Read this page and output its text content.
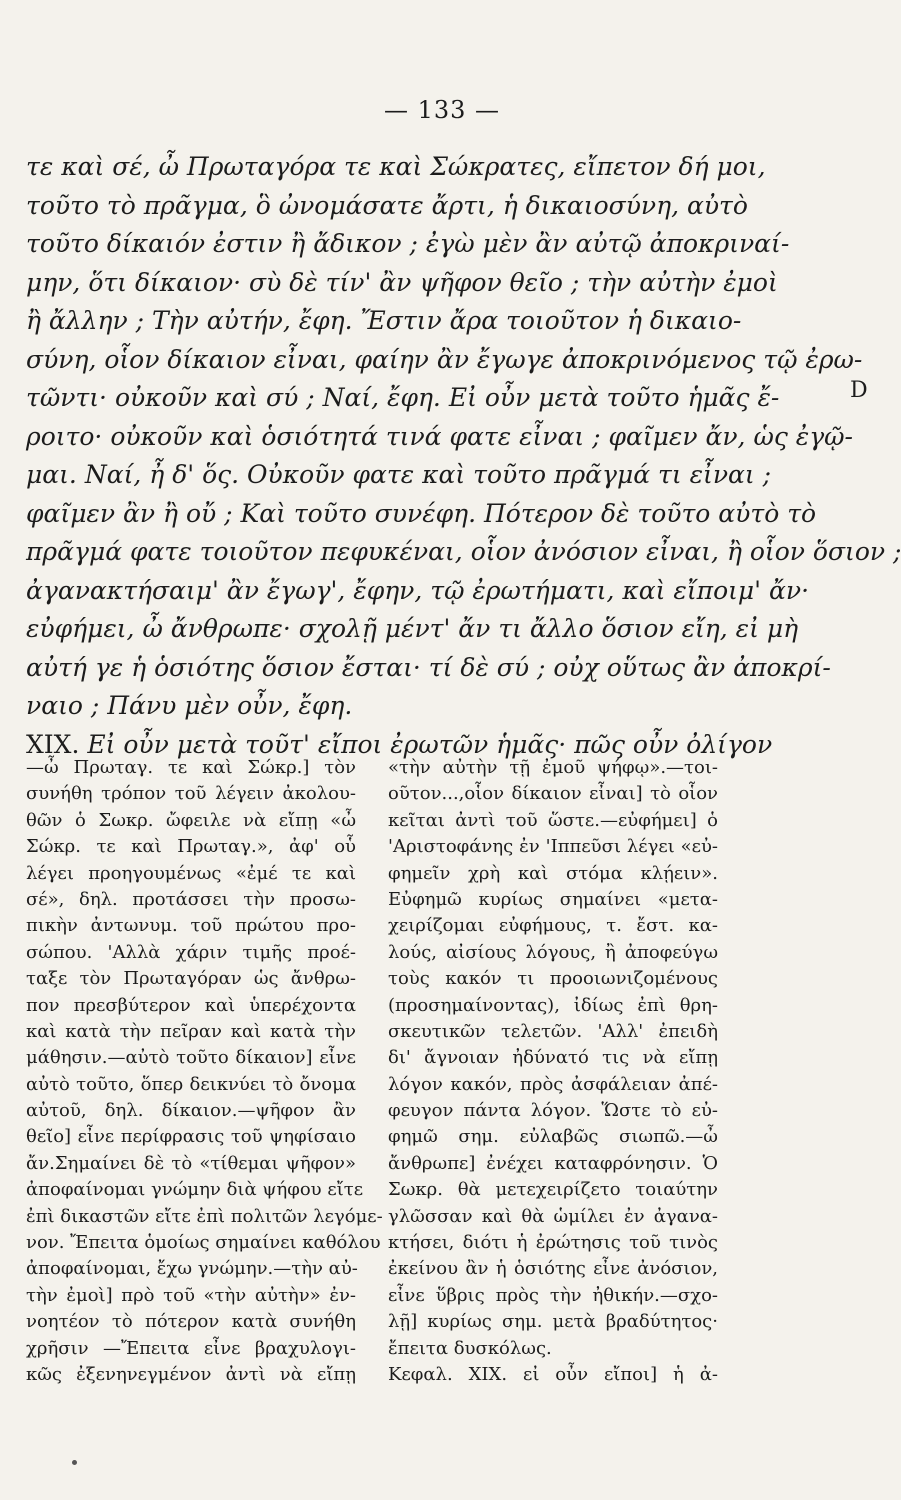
— 133 —
τε καὶ σέ, ὦ Πρωταγόρα τε καὶ Σώκρατες, εἴπετον δή μοι,
τοῦτο τὸ πρᾶγμα, ὃ ὠνομάσατε ἄρτι, ἡ δικαιοσύνη, αὐτὸ
τοῦτο δίκαιόν ἐστιν ἢ ἄδικον ; ἐγὼ μὲν ἂν αὐτῷ ἀποκριναί-
μην, ὅτι δίκαιον· σὺ δὲ τίν' ἂν ψῆφον θεῖο ; τὴν αὐτὴν ἐμοὶ
ἢ ἄλλην ; Τὴν αὐτήν, ἔφη. Ἔστιν ἄρα τοιοῦτον ἡ δικαιο-
σύνη, οἷον δίκαιον εἶναι, φαίην ἂν ἔγωγε ἀποκρινόμενος τῷ ἐρω-
τῶντι· οὐκοῦν καὶ σύ ; Ναί, ἔφη. Εἰ οὖν μετὰ τοῦτο ἡμᾶς ἔ-
ροιτο· οὐκοῦν καὶ ὁσιότητά τινά φατε εἶναι ; φαῖμεν ἄν, ὡς ἐγῷ-
μαι. Ναί, ἦ δ' ὅς. Οὐκοῦν φατε καὶ τοῦτο πρᾶγμά τι εἶναι ;
φαῖμεν ἂν ἢ οὔ ; Καὶ τοῦτο συνέφη. Πότερον δὲ τοῦτο αὐτὸ τὸ
πρᾶγμά φατε τοιοῦτον πεφυκέναι, οἷον ἀνόσιον εἶναι, ἢ οἷον ὅσιον ;
ἀγανακτήσαιμ' ἂν ἔγωγ', ἔφην, τῷ ἐρωτήματι, καὶ εἴποιμ' ἄν·
εὐφήμει, ὦ ἄνθρωπε· σχολῇ μέντ' ἄν τι ἄλλο ὅσιον εἴη, εἰ μὴ
αὐτή γε ἡ ὁσιότης ὅσιον ἔσται· τί δὲ σύ ; οὐχ οὕτως ἂν ἀποκρί-
ναιο ; Πάνυ μὲν οὖν, ἔφη.
XIX. Εἰ οὖν μετὰ τοῦτ' εἴποι ἐρωτῶν ἡμᾶς· πῶς οὖν ὀλίγον
D
—ὦ Πρωταγ. τε καὶ Σώκρ.] τὸν
συνήθη τρόπον τοῦ λέγειν ἀκολου-
θῶν ὁ Σωκρ. ὤφειλε νὰ εἴπῃ «ὦ
Σώκρ. τε καὶ Πρωταγ.», ἀφ' οὗ
λέγει προηγουμένως «ἐμέ τε καὶ
σέ», δηλ. προτάσσει τὴν προσω-
πικὴν ἀντωνυμ. τοῦ πρώτου προ-
σώπου. 'Αλλὰ χάριν τιμῆς προέ-
ταξε τὸν Πρωταγόραν ὡς ἄνθρω-
πον πρεσβύτερον καὶ ὑπερέχοντα
καὶ κατὰ τὴν πεῖραν καὶ κατὰ τὴν
μάθησιν.—αὐτὸ τοῦτο δίκαιον] εἶνε
αὐτὸ τοῦτο, ὅπερ δεικνύει τὸ ὄνομα
αὐτοῦ, δηλ. δίκαιον.—ψῆφον ἂν
θεῖο] εἶνε περίφρασις τοῦ ψηφίσαιο
ἄν.Σημαίνει δὲ τὸ «τίθεμαι ψῆφον»
ἀποφαίνομαι γνώμην διὰ ψήφου εἴτε
ἐπὶ δικαστῶν εἴτε ἐπὶ πολιτῶν λεγόμε-
νον. Ἔπειτα ὁμοίως σημαίνει καθόλου
ἀποφαίνομαι, ἔχω γνώμην.—τὴν αὐ-
τὴν ἐμοὶ] πρὸ τοῦ «τὴν αὐτὴν» ἐν-
νοητέον τὸ πότερον κατὰ συνήθη
χρῆσιν —Ἔπειτα εἶνε βραχυλογι-
κῶς ἐξενηνεγμένον ἀντὶ νὰ εἴπῃ
«τὴν αὐτὴν τῇ ἐμοῦ ψήφῳ».—τοι-
οῦτον...,οἷον δίκαιον εἶναι] τὸ οἷον
κεῖται ἀντὶ τοῦ ὥστε.—εὐφήμει] ὁ
'Αριστοφάνης ἐν 'Ιππεῦσι λέγει «εὐ-
φημεῖν χρὴ καὶ στόμα κλῄειν».
Εὐφημῶ κυρίως σημαίνει «μετα-
χειρίζομαι εὐφήμους, τ. ἔστ. κα-
λούς, αἰσίους λόγους, ἢ ἀποφεύγω
τοὺς κακόν τι προοιωνιζομένους
(προσημαίνοντας), ἰδίως ἐπὶ θρη-
σκευτικῶν τελετῶν. 'Αλλ' ἐπειδὴ
δι' ἄγνοιαν ἠδύνατό τις νὰ εἴπῃ
λόγον κακόν, πρὸς ἀσφάλειαν ἀπέ-
φευγον πάντα λόγον. Ὥστε τὸ εὐ-
φημῶ σημ. εὐλαβῶς σιωπῶ.—ὦ
ἄνθρωπε] ἐνέχει καταφρόνησιν. Ὁ
Σωκρ. θὰ μετεχειρίζετο τοιαύτην
γλῶσσαν καὶ θὰ ὡμίλει ἐν ἀγανα-
κτήσει, διότι ἡ ἐρώτησις τοῦ τινὸς
ἐκείνου ἂν ἡ ὁσιότης εἶνε ἀνόσιον,
εἶνε ὕβρις πρὸς τὴν ἠθικήν.—σχο-
λῇ] κυρίως σημ. μετὰ βραδύτητος·
ἔπειτα δυσκόλως.
Κεφαλ. XIX. εἰ οὖν εἴποι] ἡ ἀ-
